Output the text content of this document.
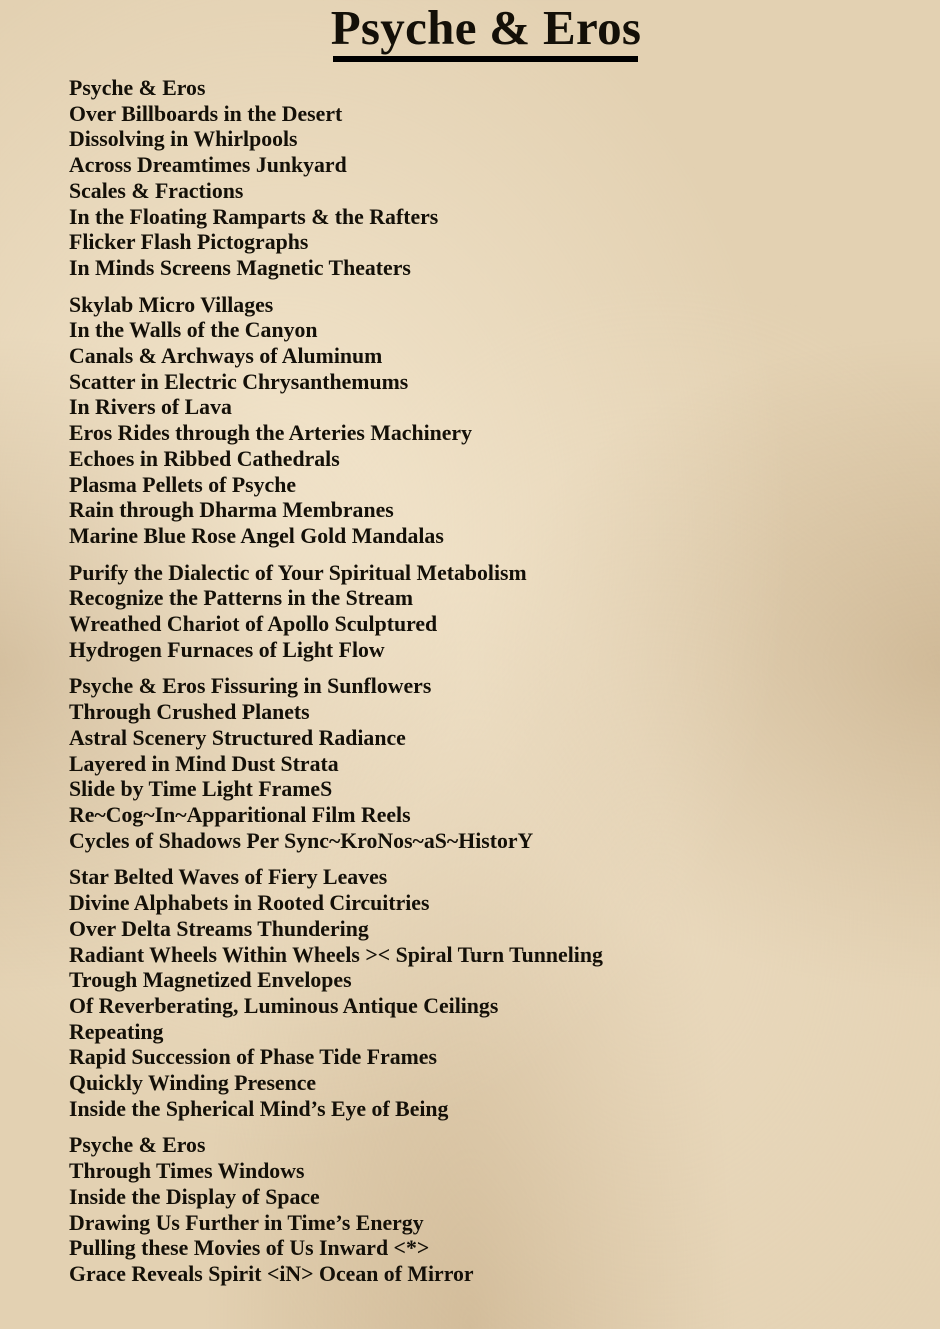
Psyche & Eros
Psyche & Eros
Over Billboards in the Desert
Dissolving in Whirlpools
Across Dreamtimes Junkyard
Scales & Fractions
In the Floating Ramparts & the Rafters
Flicker Flash Pictographs
In Minds Screens Magnetic Theaters
Skylab Micro Villages
In the Walls of the Canyon
Canals & Archways of Aluminum
Scatter in Electric Chrysanthemums
In Rivers of Lava
Eros Rides through the Arteries Machinery
Echoes in Ribbed Cathedrals
Plasma Pellets of Psyche
Rain through Dharma Membranes
Marine Blue Rose Angel Gold Mandalas
Purify the Dialectic of Your Spiritual Metabolism
Recognize the Patterns in the Stream
Wreathed Chariot of Apollo Sculptured
Hydrogen Furnaces of Light Flow
Psyche & Eros Fissuring in Sunflowers
Through Crushed Planets
Astral Scenery Structured Radiance
Layered in Mind Dust Strata
Slide by Time Light FrameS
Re~Cog~In~Apparitional Film Reels
Cycles of Shadows Per Sync~KroNos~aS~HistorY
Star Belted Waves of Fiery Leaves
Divine Alphabets in Rooted Circuitries
Over Delta Streams Thundering
Radiant Wheels Within Wheels >< Spiral Turn Tunneling
Trough Magnetized Envelopes
Of Reverberating, Luminous Antique Ceilings
Repeating
Rapid Succession of Phase Tide Frames
Quickly Winding Presence
Inside the Spherical Mind’s Eye of Being
Psyche & Eros
Through Times Windows
Inside the Display of Space
Drawing Us Further in Time’s Energy
Pulling these Movies of Us Inward <*>
Grace Reveals Spirit <iN> Ocean of Mirror
